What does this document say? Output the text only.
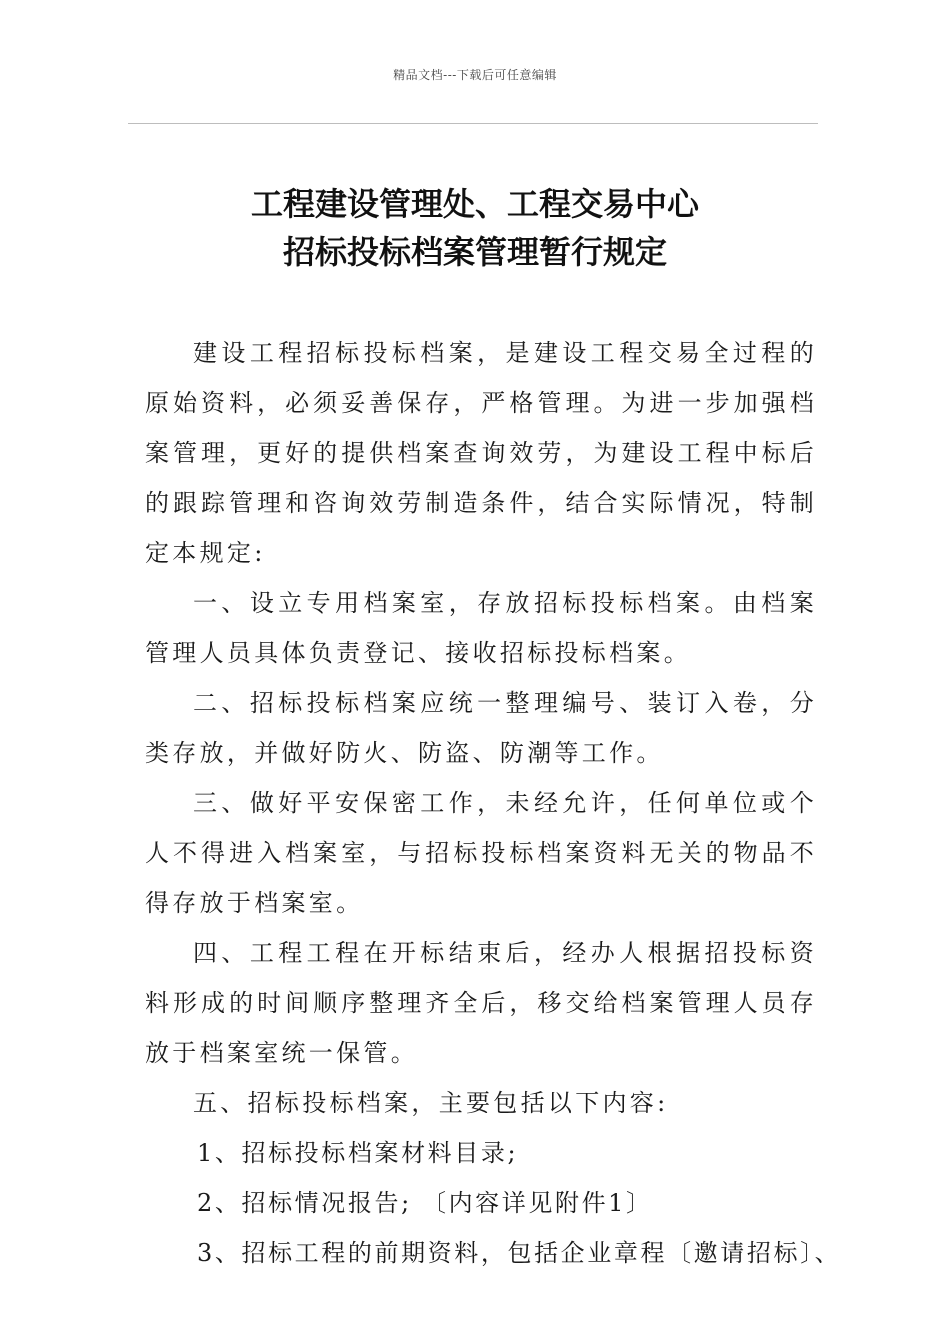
精品文档---下载后可任意编辑
工程建设管理处、工程交易中心
招标投标档案管理暂行规定

建设工程招标投标档案，是建设工程交易全过程的原始资料，必须妥善保存，严格管理。为进一步加强档案管理，更好的提供档案查询效劳，为建设工程中标后的跟踪管理和咨询效劳制造条件，结合实际情况，特制定本规定:

一、设立专用档案室，存放招标投标档案。由档案管理人员具体负责登记、接收招标投标档案。

二、招标投标档案应统一整理编号、装订入卷，分类存放，并做好防火、防盗、防潮等工作。

三、做好平安保密工作，未经允许，任何单位或个人不得进入档案室，与招标投标档案资料无关的物品不得存放于档案室。

四、工程工程在开标结束后，经办人根据招投标资料形成的时间顺序整理齐全后，移交给档案管理人员存放于档案室统一保管。

五、招标投标档案，主要包括以下内容:

1、招标投标档案材料目录;

2、招标情况报告; 〔内容详见附件1〕

3、招标工程的前期资料，包括企业章程〔邀请招标〕、
